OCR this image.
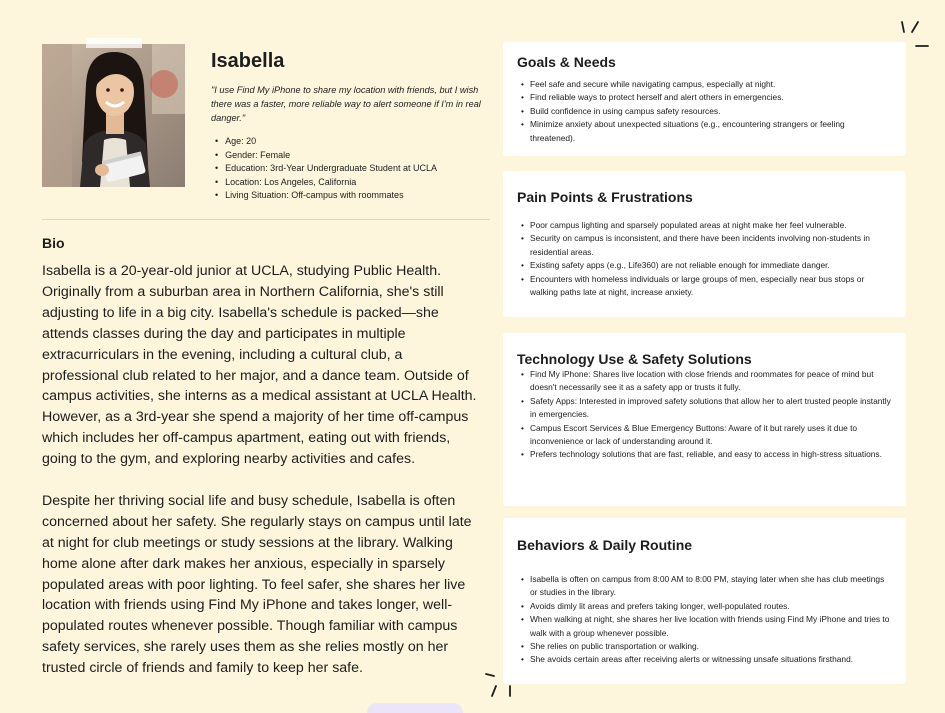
Isabella

"I use Find My iPhone to share my location with friends, but I wish there was a faster, more reliable way to alert someone if I'm in real danger."

• Age: 20
• Gender: Female
• Education: 3rd-Year Undergraduate Student at UCLA
• Location: Los Angeles, California
• Living Situation: Off-campus with roommates
Bio

Isabella is a 20-year-old junior at UCLA, studying Public Health. Originally from a suburban area in Northern California, she's still adjusting to life in a big city. Isabella's schedule is packed—she attends classes during the day and participates in multiple extracurriculars in the evening, including a cultural club, a professional club related to her major, and a dance team. Outside of campus activities, she interns as a medical assistant at UCLA Health. However, as a 3rd-year she spend a majority of her time off-campus which includes her off-campus apartment, eating out with friends, going to the gym, and exploring nearby activities and cafes.

Despite her thriving social life and busy schedule, Isabella is often concerned about her safety. She regularly stays on campus until late at night for club meetings or study sessions at the library. Walking home alone after dark makes her anxious, especially in sparsely populated areas with poor lighting. To feel safer, she shares her live location with friends using Find My iPhone and takes longer, well-populated routes whenever possible. Though familiar with campus safety services, she rarely uses them as she relies mostly on her trusted circle of friends and family to keep her safe.

Goals & Needs
• Feel safe and secure while navigating campus, especially at night.
• Find reliable ways to protect herself and alert others in emergencies.
• Build confidence in using campus safety resources.
• Minimize anxiety about unexpected situations (e.g., encountering strangers or feeling threatened).
Pain Points & Frustrations
• Poor campus lighting and sparsely populated areas at night make her feel vulnerable.
• Security on campus is inconsistent, and there have been incidents involving non-students in residential areas.
• Existing safety apps (e.g., Life360) are not reliable enough for immediate danger.
• Encounters with homeless individuals or large groups of men, especially near bus stops or walking paths late at night, increase anxiety.
Technology Use & Safety Solutions
• Find My iPhone: Shares live location with close friends and roommates for peace of mind but doesn't necessarily see it as a safety app or trusts it fully.
• Safety Apps: Interested in improved safety solutions that allow her to alert trusted people instantly in emergencies.
• Campus Escort Services & Blue Emergency Buttons: Aware of it but rarely uses it due to inconvenience or lack of understanding around it.
• Prefers technology solutions that are fast, reliable, and easy to access in high-stress situations.
Behaviors & Daily Routine
• Isabella is often on campus from 8:00 AM to 8:00 PM, staying later when she has club meetings or studies in the library.
• Avoids dimly lit areas and prefers taking longer, well-populated routes.
• When walking at night, she shares her live location with friends using Find My iPhone and tries to walk with a group whenever possible.
• She relies on public transportation or walking.
• She avoids certain areas after receiving alerts or witnessing unsafe situations firsthand.
